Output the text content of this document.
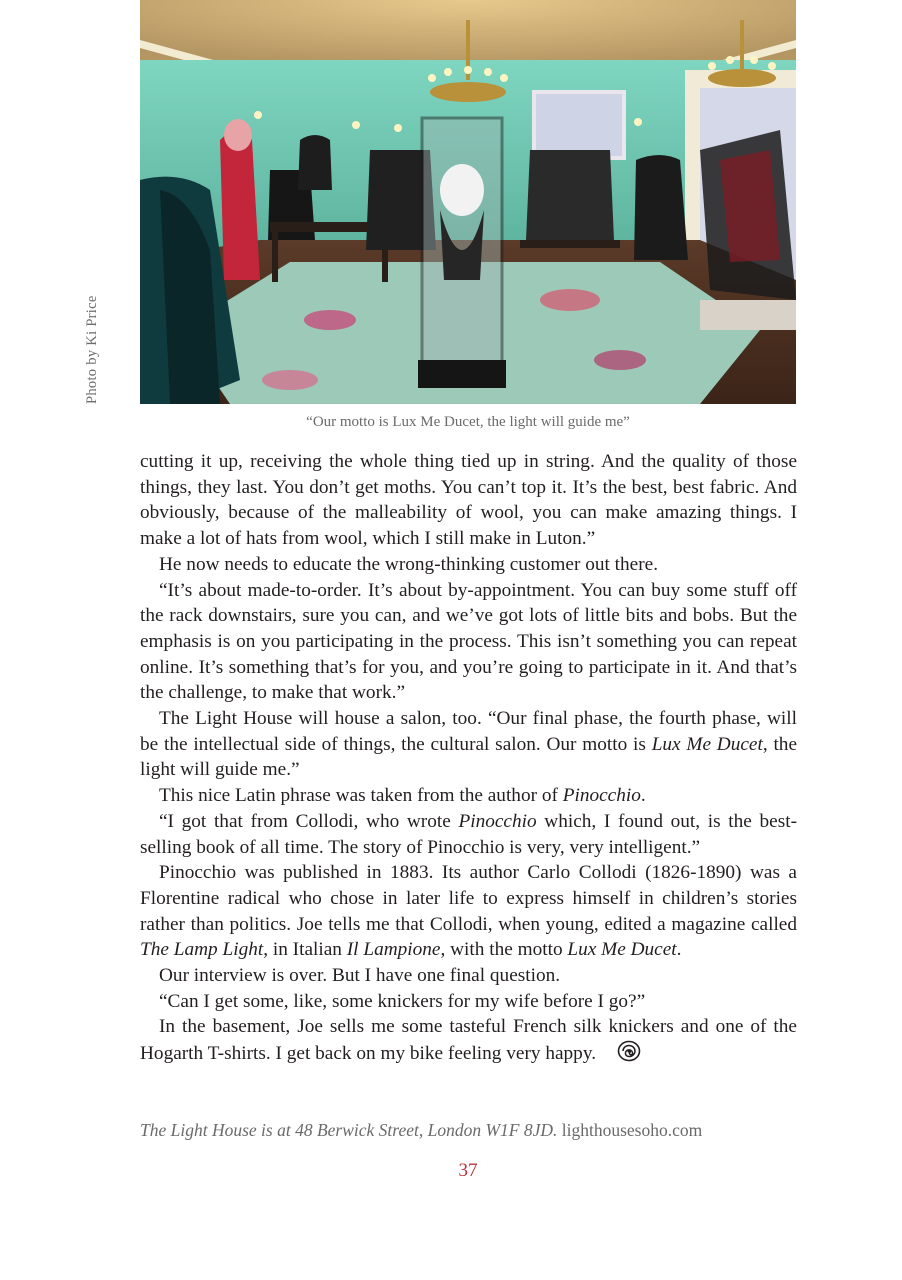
Photo by Ki Price
“Our motto is Lux Me Ducet, the light will guide me”

cutting it up, receiving the whole thing tied up in string. And the quality of those things, they last. You don’t get moths. You can’t top it. It’s the best, best fabric. And obviously, because of the malleability of wool, you can make amazing things. I make a lot of hats from wool, which I still make in Luton.”

He now needs to educate the wrong-thinking customer out there.

“It’s about made-to-order. It’s about by-appointment. You can buy some stuff off the rack downstairs, sure you can, and we’ve got lots of little bits and bobs. But the emphasis is on you participating in the process. This isn’t something you can repeat online. It’s something that’s for you, and you’re going to participate in it. And that’s the challenge, to make that work.”

The Light House will house a salon, too. “Our final phase, the fourth phase, will be the intellectual side of things, the cultural salon. Our motto is Lux Me Ducet, the light will guide me.”

This nice Latin phrase was taken from the author of Pinocchio.

“I got that from Collodi, who wrote Pinocchio which, I found out, is the best-selling book of all time. The story of Pinocchio is very, very intelligent.”

Pinocchio was published in 1883. Its author Carlo Collodi (1826-1890) was a Florentine radical who chose in later life to express himself in children’s stories rather than politics. Joe tells me that Collodi, when young, edited a magazine called The Lamp Light, in Italian Il Lampione, with the motto Lux Me Ducet.

Our interview is over. But I have one final question.

“Can I get some, like, some knickers for my wife before I go?”

In the basement, Joe sells me some tasteful French silk knickers and one of the Hogarth T-shirts. I get back on my bike feeling very happy.

The Light House is at 48 Berwick Street, London W1F 8JD. lighthousesoho.com
37
